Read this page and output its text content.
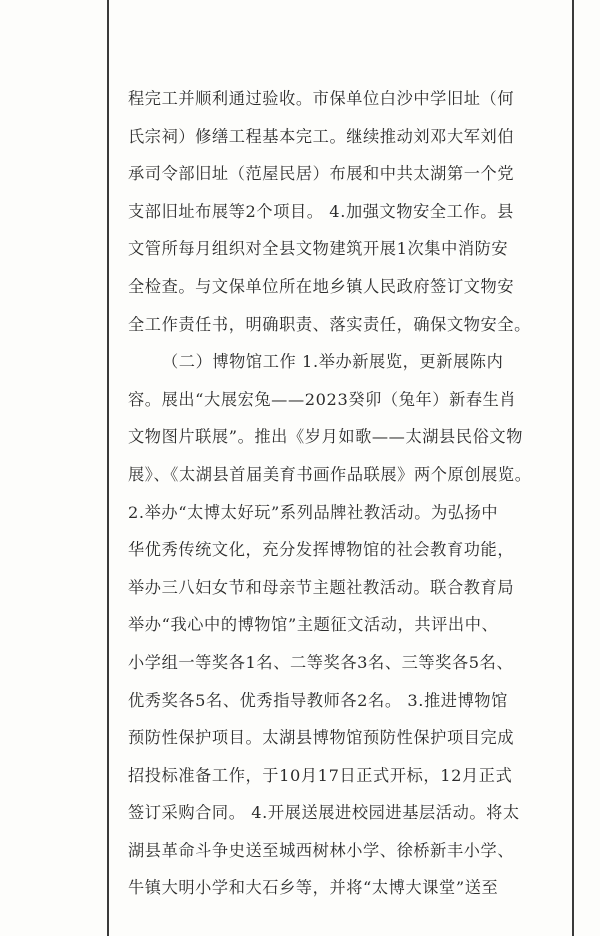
程完工并顺利通过验收。市保单位白沙中学旧址（何
氏宗祠）修缮工程基本完工。继续推动刘邓大军刘伯
承司令部旧址（范屋民居）布展和中共太湖第一个党
支部旧址布展等2个项目。 4.加强文物安全工作。县
文管所每月组织对全县文物建筑开展1次集中消防安
全检查。与文保单位所在地乡镇人民政府签订文物安
全工作责任书，明确职责、落实责任，确保文物安全。
（二）博物馆工作 1.举办新展览，更新展陈内
容。展出“大展宏兔——2023癸卯（兔年）新春生肖
文物图片联展”。推出《岁月如歌——太湖县民俗文物
展》、《太湖县首届美育书画作品联展》两个原创展览。
2.举办“太博太好玩”系列品牌社教活动。为弘扬中
华优秀传统文化，充分发挥博物馆的社会教育功能，
举办三八妇女节和母亲节主题社教活动。联合教育局
举办“我心中的博物馆”主题征文活动，共评出中、
小学组一等奖各1名、二等奖各3名、三等奖各5名、
优秀奖各5名、优秀指导教师各2名。 3.推进博物馆
预防性保护项目。太湖县博物馆预防性保护项目完成
招投标准备工作，于10月17日正式开标，12月正式
签订采购合同。 4.开展送展进校园进基层活动。将太
湖县革命斗争史送至城西树林小学、徐桥新丰小学、
牛镇大明小学和大石乡等，并将“太博大课堂”送至
